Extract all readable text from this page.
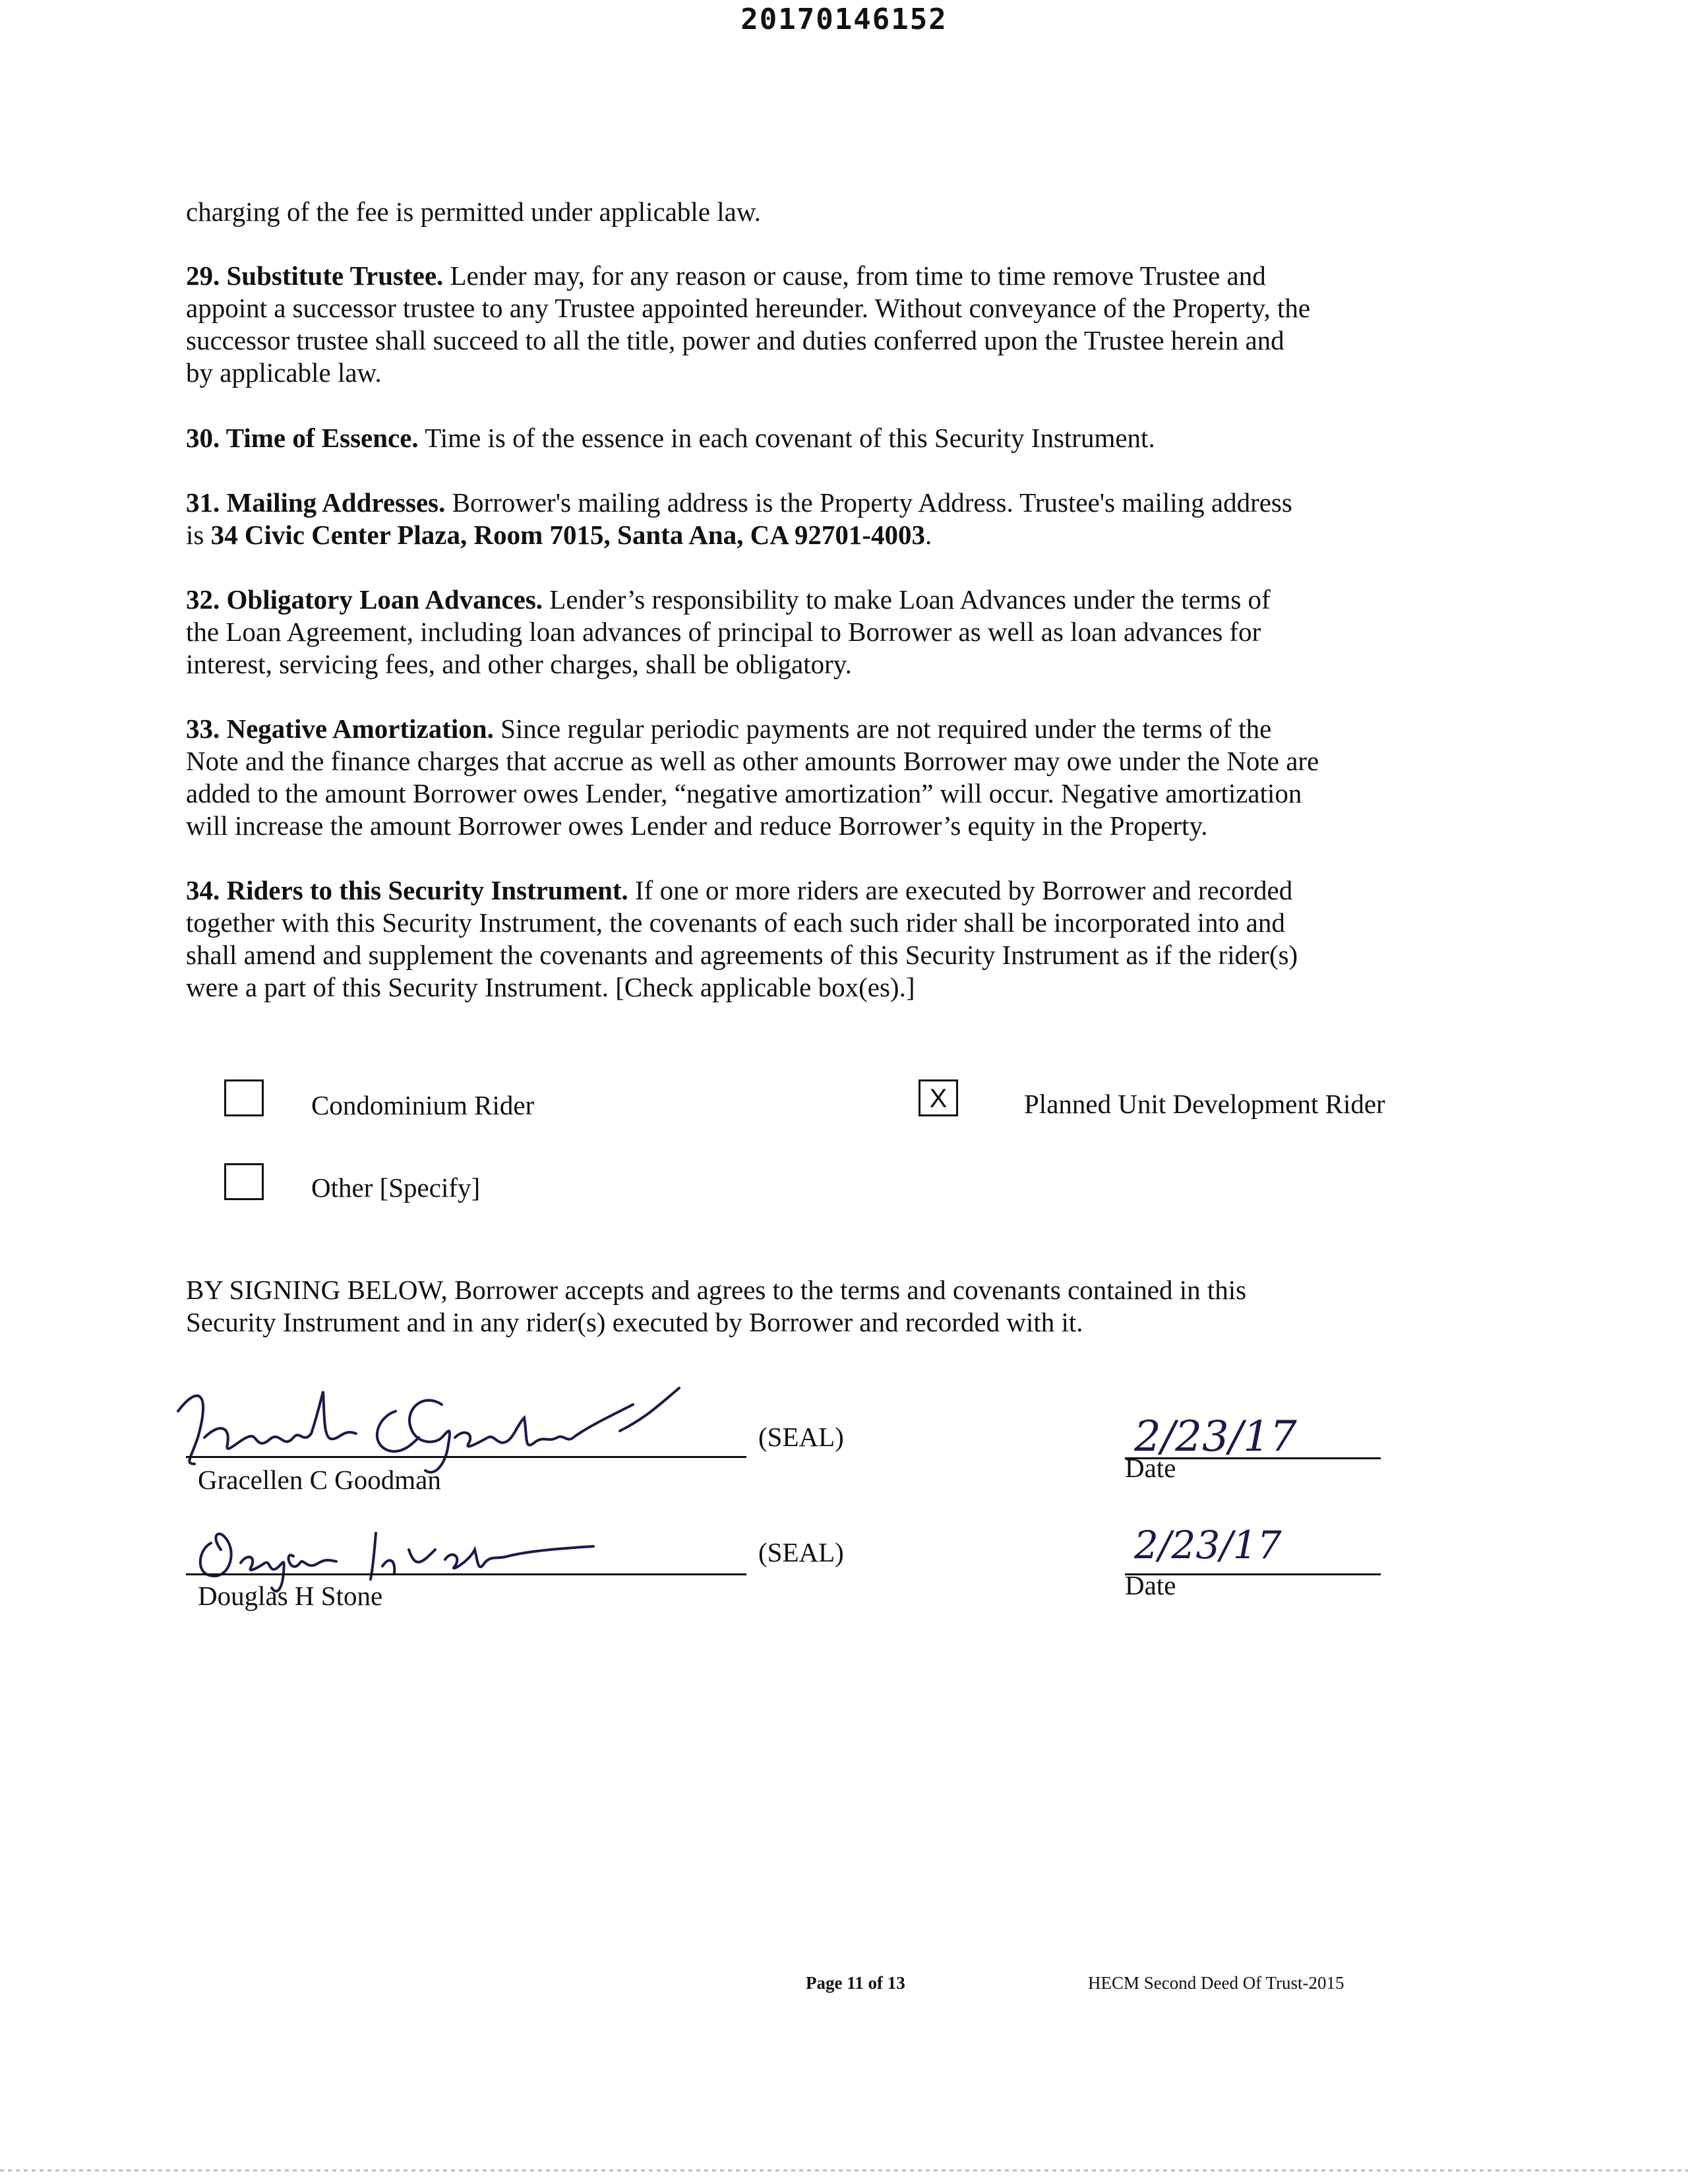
20170146152

charging of the fee is permitted under applicable law.

29. Substitute Trustee. Lender may, for any reason or cause, from time to time remove Trustee and
appoint a successor trustee to any Trustee appointed hereunder. Without conveyance of the Property, the
successor trustee shall succeed to all the title, power and duties conferred upon the Trustee herein and
by applicable law.
30. Time of Essence. Time is of the essence in each covenant of this Security Instrument.
31. Mailing Addresses. Borrower's mailing address is the Property Address. Trustee's mailing address
is 34 Civic Center Plaza, Room 7015, Santa Ana, CA 92701-4003.
32. Obligatory Loan Advances. Lender’s responsibility to make Loan Advances under the terms of
the Loan Agreement, including loan advances of principal to Borrower as well as loan advances for
interest, servicing fees, and other charges, shall be obligatory.
33. Negative Amortization. Since regular periodic payments are not required under the terms of the
Note and the finance charges that accrue as well as other amounts Borrower may owe under the Note are
added to the amount Borrower owes Lender, “negative amortization” will occur. Negative amortization
will increase the amount Borrower owes Lender and reduce Borrower’s equity in the Property.
34. Riders to this Security Instrument. If one or more riders are executed by Borrower and recorded
together with this Security Instrument, the covenants of each such rider shall be incorporated into and
shall amend and supplement the covenants and agreements of this Security Instrument as if the rider(s)
were a part of this Security Instrument. [Check applicable box(es).]
Condominium Rider	X	Planned Unit Development Rider
Other [Specify]
BY SIGNING BELOW, Borrower accepts and agrees to the terms and covenants contained in this
Security Instrument and in any rider(s) executed by Borrower and recorded with it.
(SEAL)
Gracellen C Goodman
2/23/17
Date
(SEAL)
Douglas H Stone
2/23/17
Date
Page 11 of 13	HECM Second Deed Of Trust-2015
